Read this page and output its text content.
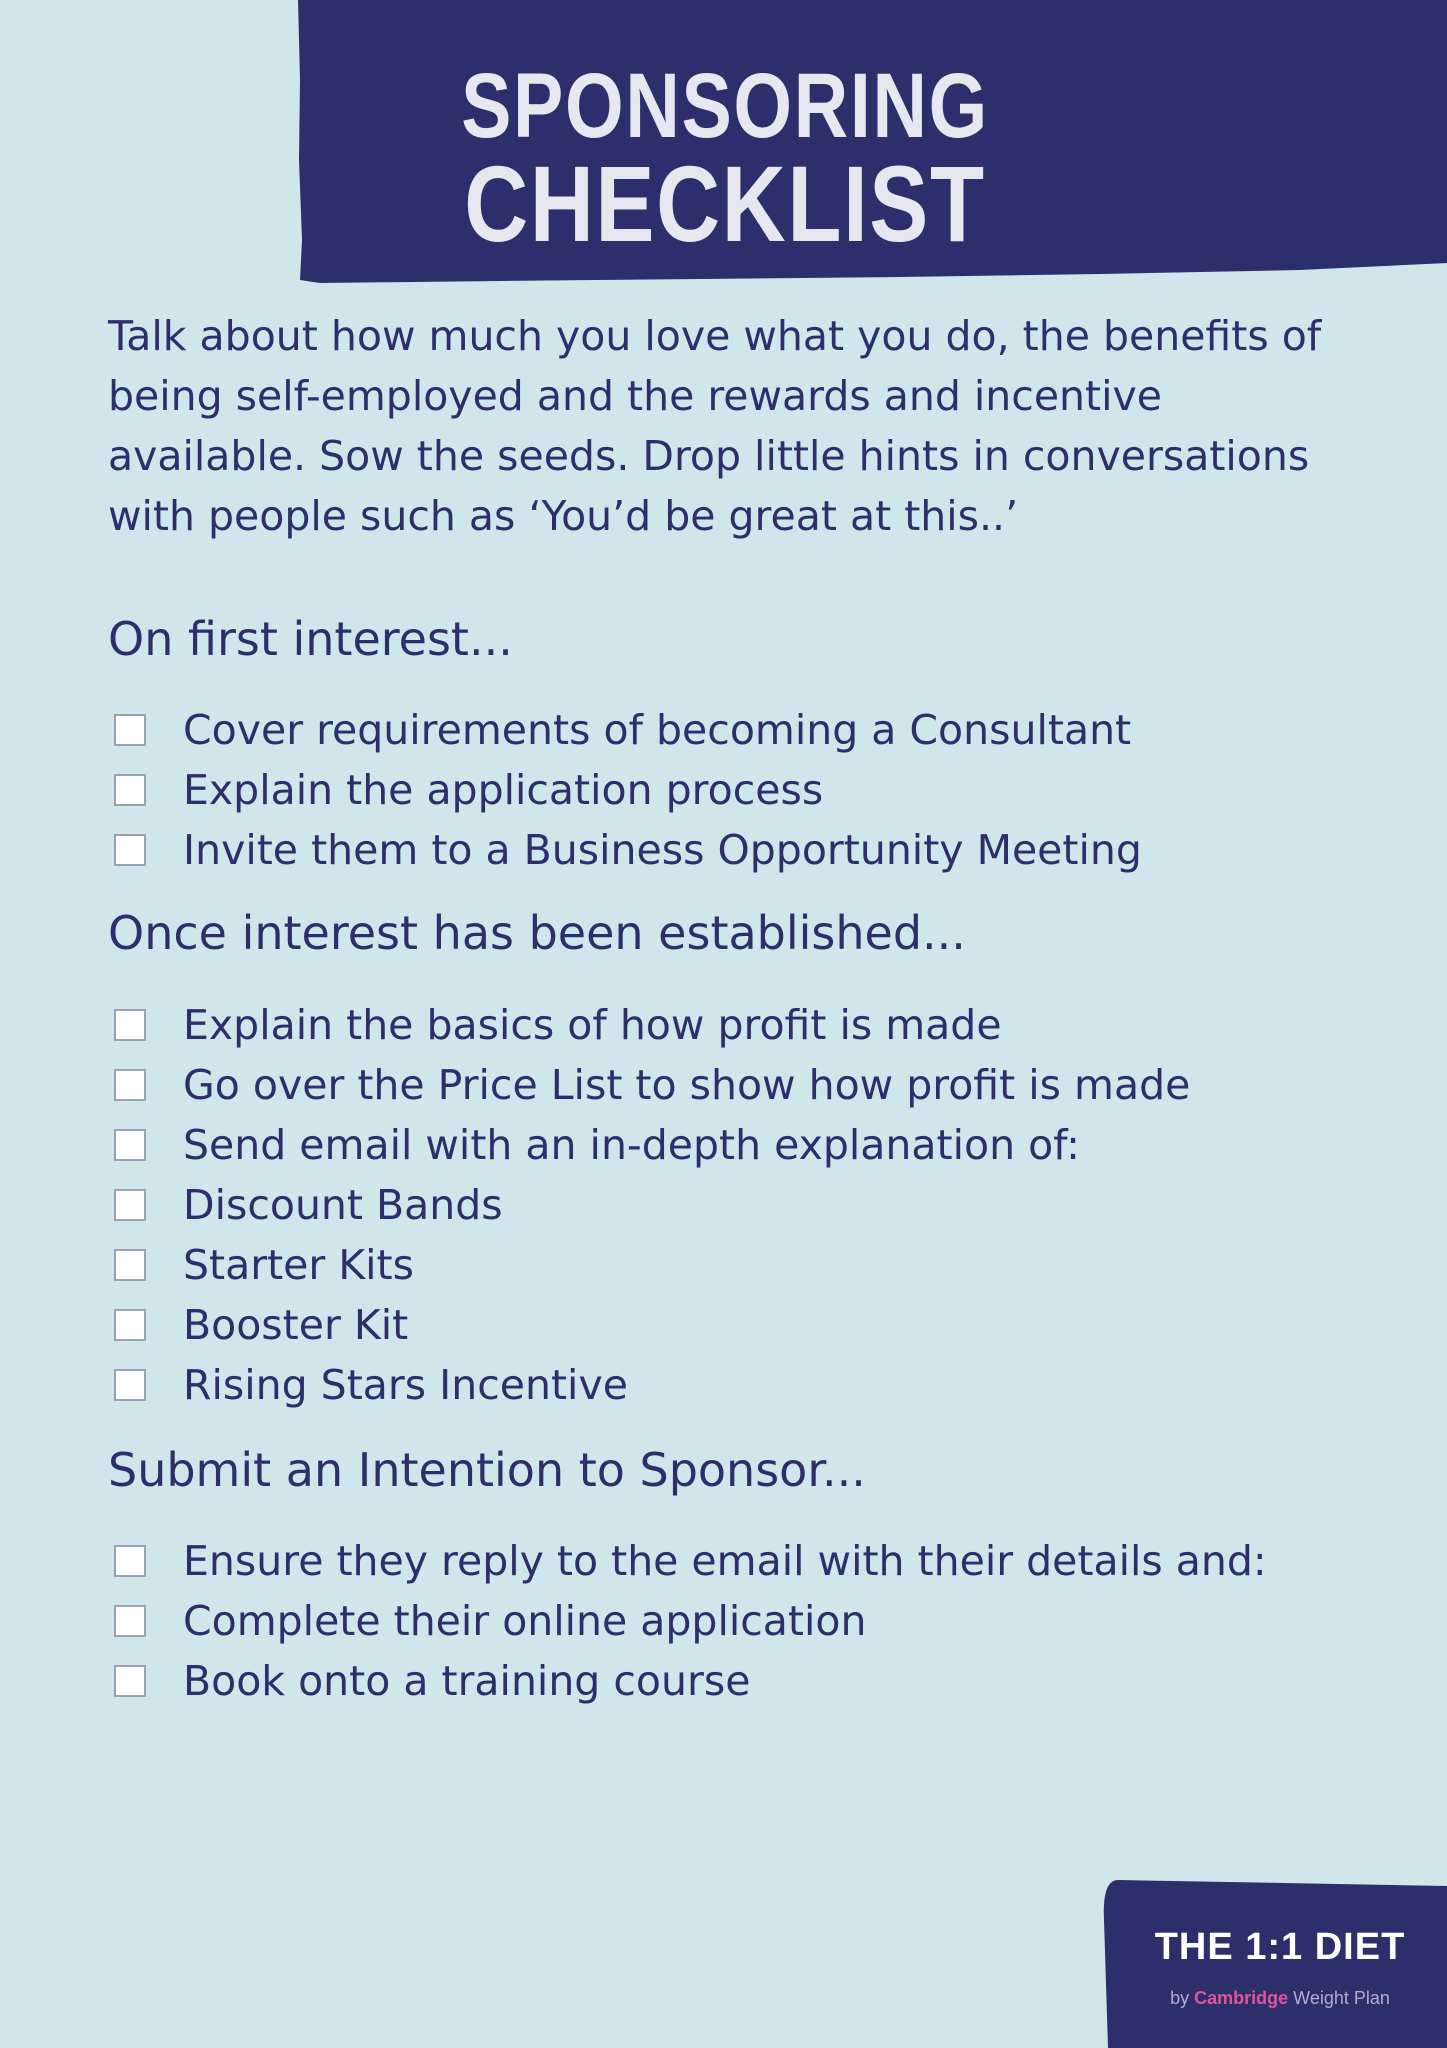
SPONSORING
CHECKLIST

Talk about how much you love what you do, the benefits of being self-employed and the rewards and incentive available. Sow the seeds. Drop little hints in conversations with people such as ‘You’d be great at this..’

On first interest...
Cover requirements of becoming a Consultant
Explain the application process
Invite them to a Business Opportunity Meeting
Once interest has been established...
Explain the basics of how profit is made
Go over the Price List to show how profit is made
Send email with an in-depth explanation of:
Discount Bands
Starter Kits
Booster Kit
Rising Stars Incentive
Submit an Intention to Sponsor...
Ensure they reply to the email with their details and:
Complete their online application
Book onto a training course
THE 1:1 DIET
by Cambridge Weight Plan
